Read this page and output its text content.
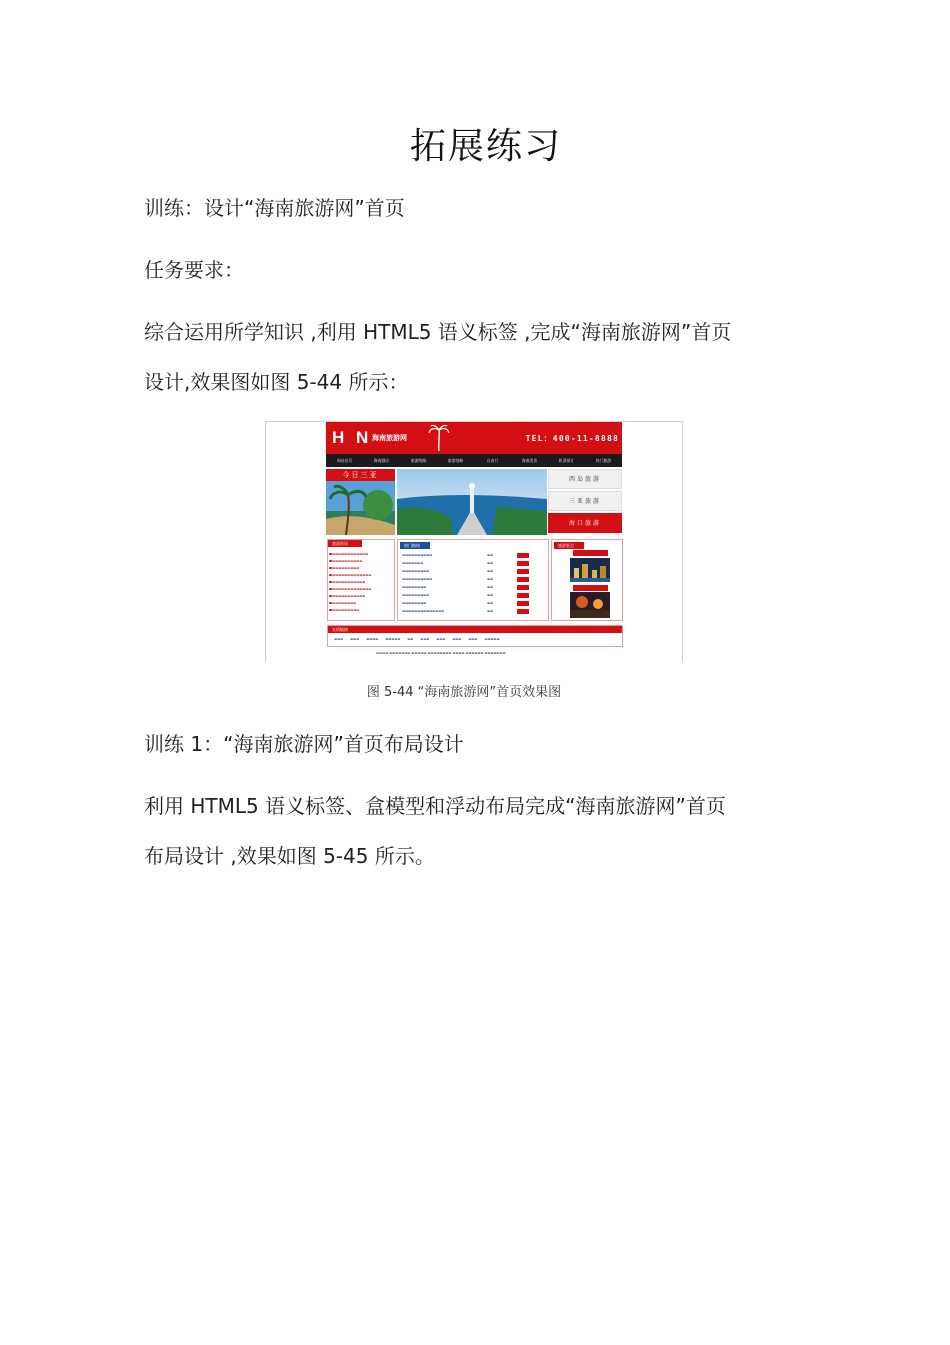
拓展练习
训练：设计“海南旅游网”首页
任务要求：
综合运用所学知识 ,利用 HTML5 语义标签 ,完成“海南旅游网”首页
设计,效果图如图 5-44 所示：
H N 海南旅游网	TEL：400-11-8888
网站首页	海南酒店	旅游线路	旅游攻略	自由行	海南美食	机票预订	热门旅游
今日三亚
西岛旅游
三亚旅游
海口旅游
旅游资讯
▬▬▬▬▬▬▬▬▬▬▬▬
▬▬▬▬▬▬▬▬▬▬
▬▬▬▬▬▬▬▬▬
▬▬▬▬▬▬▬▬▬▬▬▬▬
▬▬▬▬▬▬▬▬▬▬▬
▬▬▬▬▬▬▬▬▬▬▬▬▬
▬▬▬▬▬▬▬▬▬▬▬
▬▬▬▬▬▬▬▬
▬▬▬▬▬▬▬▬▬
热门路线
▬▬▬▬▬▬▬▬▬▬	▬▬
▬▬▬▬▬▬▬	▬▬
▬▬▬▬▬▬▬▬▬	▬▬
▬▬▬▬▬▬▬▬▬▬	▬▬
▬▬▬▬▬▬▬▬	▬▬
▬▬▬▬▬▬▬▬▬	▬▬
▬▬▬▬▬▬▬▬	▬▬
▬▬▬▬▬▬▬▬▬▬▬▬▬▬	▬▬
旅游景点
友情链接
▬▬▬ ▬▬▬ ▬▬▬▬ ▬▬▬▬▬ ▬▬ ▬▬▬ ▬▬▬ ▬▬▬ ▬▬▬ ▬▬▬▬▬
▬▬▬▬ ▬▬▬▬▬▬▬ ▬▬▬▬▬ ▬▬▬▬▬▬▬▬ ▬▬▬▬ ▬▬▬▬▬▬ ▬▬▬▬▬▬▬
图 5-44 “海南旅游网”首页效果图
训练 1：“海南旅游网”首页布局设计
利用 HTML5 语义标签、盒模型和浮动布局完成“海南旅游网”首页
布局设计 ,效果如图 5-45 所示。
